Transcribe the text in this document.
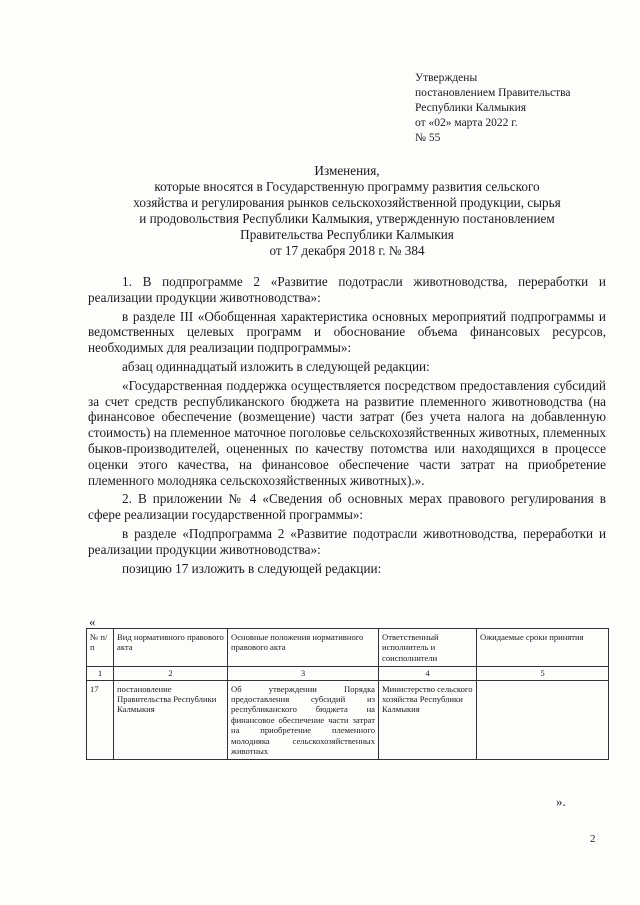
Утверждены
постановлением Правительства
Республики Калмыкия
от «02» марта 2022 г.
№ 55
Изменения,
которые вносятся в Государственную программу развития сельского
хозяйства и регулирования рынков сельскохозяйственной продукции, сырья
и продовольствия Республики Калмыкия, утвержденную постановлением
Правительства Республики Калмыкия
от 17 декабря 2018 г. № 384

1. В подпрограмме 2 «Развитие подотрасли животноводства, переработки и реализации продукции животноводства»:

в разделе III «Обобщенная характеристика основных мероприятий подпрограммы и ведомственных целевых программ и обоснование объема финансовых ресурсов, необходимых для реализации подпрограммы»:

абзац одиннадцатый изложить в следующей редакции:

«Государственная поддержка осуществляется посредством предоставления субсидий за счет средств республиканского бюджета на развитие племенного животноводства (на финансовое обеспечение (возмещение) части затрат (без учета налога на добавленную стоимость) на племенное маточное поголовье сельскохозяйственных животных, племенных быков-производителей, оцененных по качеству потомства или находящихся в процессе оценки этого качества, на финансовое обеспечение части затрат на приобретение племенного молодняка сельскохозяйственных животных).».

2. В приложении № 4 «Сведения об основных мерах правового регулирования в сфере реализации государственной программы»:

в разделе «Подпрограмма 2 «Развитие подотрасли животноводства, переработки и реализации продукции животноводства»:

позицию 17 изложить в следующей редакции:

«
№ п/п	Вид нормативного правового акта	Основные положения нормативного правового акта	Ответственный исполнитель и соисполнители	Ожидаемые сроки принятия
1	2	3	4	5
17	постановление Правительства Республики Калмыкия	Об утверждении Порядка предоставления субсидий из республиканского бюджета на финансовое обеспечение части затрат на приобретение племенного молодняка сельскохозяйственных животных	Министерство сельского хозяйства Республики Калмыкия	
».
2
